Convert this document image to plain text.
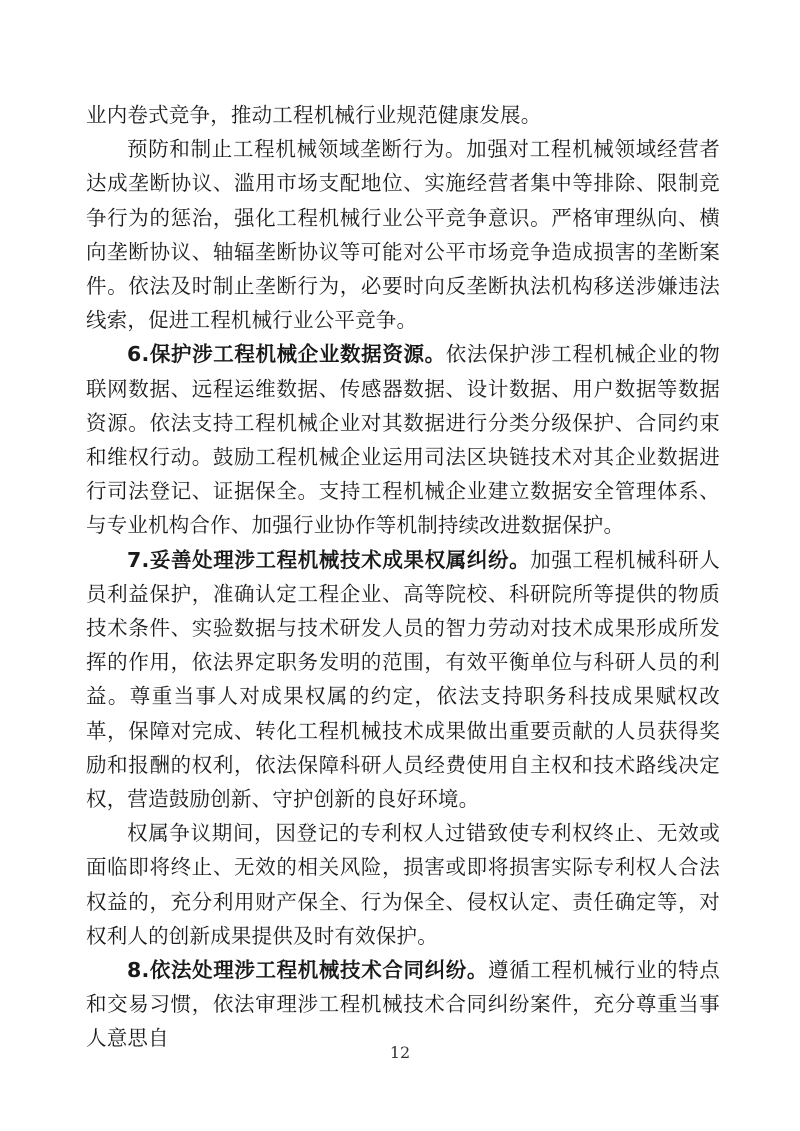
业内卷式竞争，推动工程机械行业规范健康发展。

预防和制止工程机械领域垄断行为。加强对工程机械领域经营者达成垄断协议、滥用市场支配地位、实施经营者集中等排除、限制竞争行为的惩治，强化工程机械行业公平竞争意识。严格审理纵向、横向垄断协议、轴辐垄断协议等可能对公平市场竞争造成损害的垄断案件。依法及时制止垄断行为，必要时向反垄断执法机构移送涉嫌违法线索，促进工程机械行业公平竞争。

6.保护涉工程机械企业数据资源。依法保护涉工程机械企业的物联网数据、远程运维数据、传感器数据、设计数据、用户数据等数据资源。依法支持工程机械企业对其数据进行分类分级保护、合同约束和维权行动。鼓励工程机械企业运用司法区块链技术对其企业数据进行司法登记、证据保全。支持工程机械企业建立数据安全管理体系、与专业机构合作、加强行业协作等机制持续改进数据保护。

7.妥善处理涉工程机械技术成果权属纠纷。加强工程机械科研人员利益保护，准确认定工程企业、高等院校、科研院所等提供的物质技术条件、实验数据与技术研发人员的智力劳动对技术成果形成所发挥的作用，依法界定职务发明的范围，有效平衡单位与科研人员的利益。尊重当事人对成果权属的约定，依法支持职务科技成果赋权改革，保障对完成、转化工程机械技术成果做出重要贡献的人员获得奖励和报酬的权利，依法保障科研人员经费使用自主权和技术路线决定权，营造鼓励创新、守护创新的良好环境。

权属争议期间，因登记的专利权人过错致使专利权终止、无效或面临即将终止、无效的相关风险，损害或即将损害实际专利权人合法权益的，充分利用财产保全、行为保全、侵权认定、责任确定等，对权利人的创新成果提供及时有效保护。

8.依法处理涉工程机械技术合同纠纷。遵循工程机械行业的特点和交易习惯，依法审理涉工程机械技术合同纠纷案件，充分尊重当事人意思自

12
